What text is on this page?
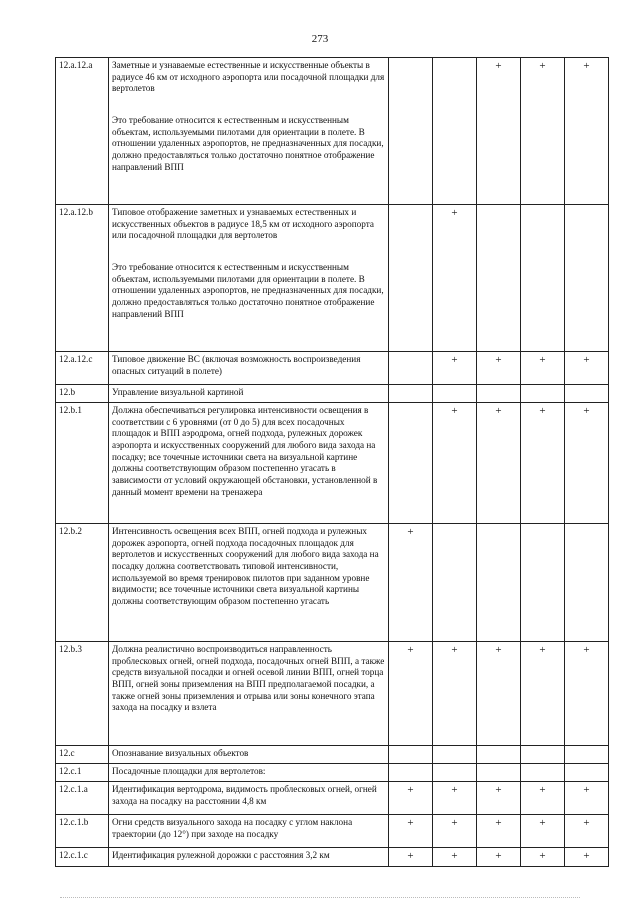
273
12.a.12.a	Заметные и узнаваемые естественные и искусственные объекты в радиусе 46 км от исходного аэропорта или посадочной площадки для вертолетов

Это требование относится к естественным и искусственным объектам, используемыми пилотами для ориентации в полете. В отношении удаленных аэропортов, не предназначенных для посадки, должно предоставляться только достаточно понятное отображение направлений ВПП			+	+	+
12.a.12.b	Типовое отображение заметных и узнаваемых естественных и искусственных объектов в радиусе 18,5 км от исходного аэропорта или посадочной площадки для вертолетов

Это требование относится к естественным и искусственным объектам, используемыми пилотами для ориентации в полете. В отношении удаленных аэропортов, не предназначенных для посадки, должно предоставляться только достаточно понятное отображение направлений ВПП		+			
12.a.12.c	Типовое движение ВС (включая возможность воспроизведения опасных ситуаций в полете)		+	+	+	+
12.b	Управление визуальной картиной					

12.b.1	Должна обеспечиваться регулировка интенсивности освещения в соответствии с 6 уровнями (от 0 до 5) для всех посадочных площадок и ВПП аэродрома, огней подхода, рулежных дорожек аэропорта и искусственных сооружений для любого вида захода на посадку; все точечные источники света на визуальной картине должны соответствующим образом постепенно угасать в зависимости от условий окружающей обстановки, установленной в данный момент времени на тренажера		+	+	+	+
12.b.2	Интенсивность освещения всех ВПП, огней подхода и рулежных дорожек аэропорта, огней подхода посадочных площадок для вертолетов и искусственных сооружений для любого вида захода на посадку должна соответствовать типовой интенсивности, используемой во время тренировок пилотов при заданном уровне видимости; все точечные источники света визуальной картины должны соответствующим образом постепенно угасать	+				
12.b.3	Должна реалистично воспроизводиться направленность проблесковых огней, огней подхода, посадочных огней ВПП, а также средств визуальной посадки и огней осевой линии ВПП, огней торца ВПП, огней зоны приземления на ВПП предполагаемой посадки, а также огней зоны приземления и отрыва или зоны конечного этапа захода на посадку и взлета	+	+	+	+	+
12.c	Опознавание визуальных объектов					

12.c.1	Посадочные площадки для вертолетов:					

12.c.1.a	Идентификация вертодрома, видимость проблесковых огней, огней захода на посадку на расстоянии 4,8 км	+	+	+	+	+
12.c.1.b	Огни средств визуального захода на посадку с углом наклона траектории (до 12°) при заходе на посадку	+	+	+	+	+
12.c.1.c	Идентификация рулежной дорожки с расстояния 3,2 км	+	+	+	+	+
